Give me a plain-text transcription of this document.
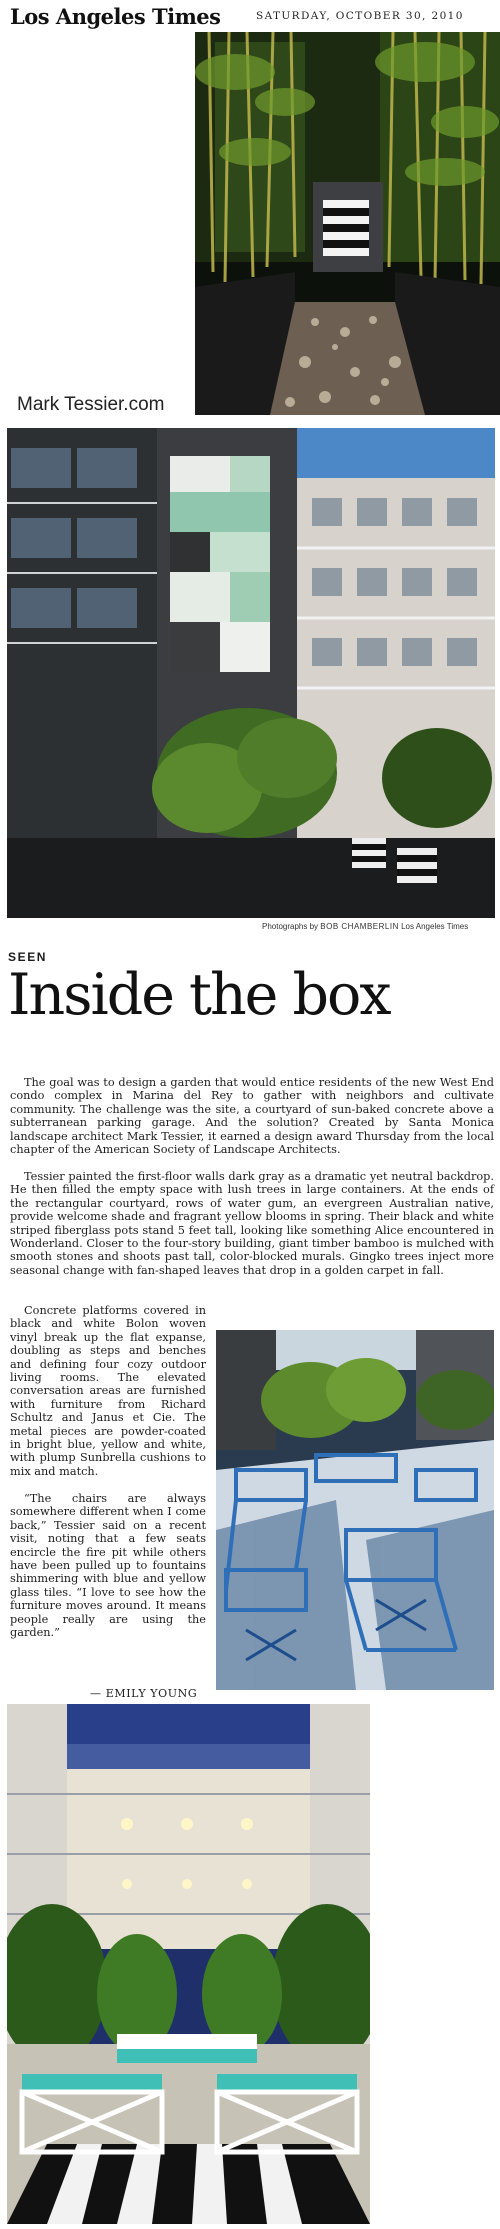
Los Angeles Times	SATURDAY, OCTOBER 30, 2010
Mark Tessier.com
Photographs by BOB CHAMBERLIN Los Angeles Times
SEEN
Inside the box

The goal was to design a garden that would entice residents of the new West End condo complex in Marina del Rey to gather with neighbors and cultivate community. The challenge was the site, a courtyard of sun-baked concrete above a subterranean parking garage. And the solution? Created by Santa Monica landscape architect Mark Tessier, it earned a design award Thursday from the local chapter of the American Society of Landscape Architects.

Tessier painted the first-floor walls dark gray as a dramatic yet neutral backdrop. He then filled the empty space with lush trees in large containers. At the ends of the rectangular courtyard, rows of water gum, an evergreen Australian native, provide welcome shade and fragrant yellow blooms in spring. Their black and white striped fiberglass pots stand 5 feet tall, looking like something Alice encountered in Wonderland. Closer to the four-story building, giant timber bamboo is mulched with smooth stones and shoots past tall, color-blocked murals. Gingko trees inject more seasonal change with fan-shaped leaves that drop in a golden carpet in fall.

Concrete platforms covered in black and white Bolon woven vinyl break up the flat expanse, doubling as steps and benches and defining four cozy outdoor living rooms. The elevated conversation areas are furnished with furniture from Richard Schultz and Janus et Cie. The metal pieces are powder-coated in bright blue, yellow and white, with plump Sunbrella cushions to mix and match.

“The chairs are always somewhere different when I come back,” Tessier said on a recent visit, noting that a few seats encircle the fire pit while others have been pulled up to fountains shimmering with blue and yellow glass tiles. “I love to see how the furniture moves around. It means people really are using the garden.”

— EMILY YOUNG
